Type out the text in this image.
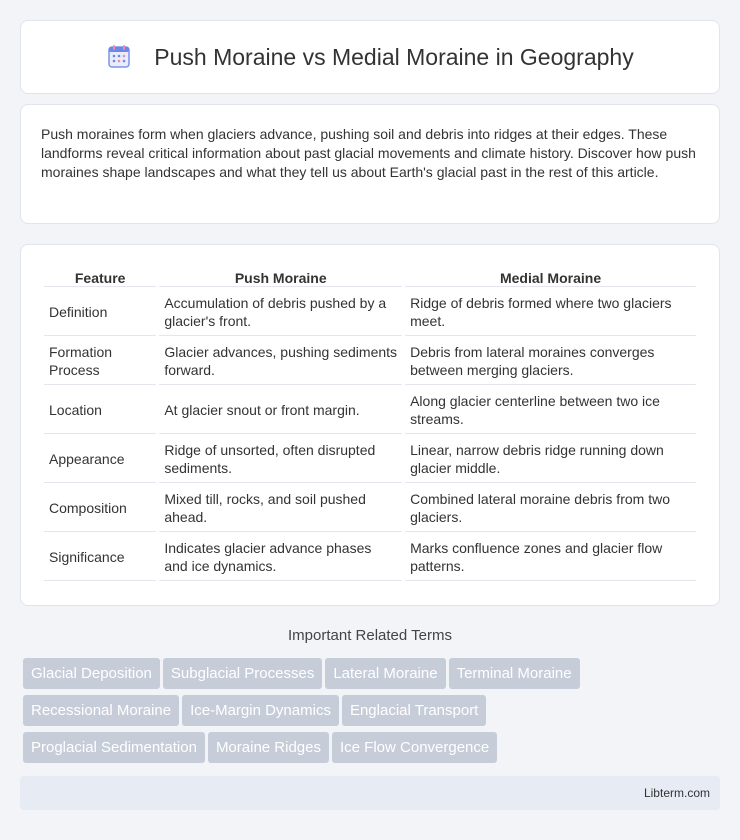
Push Moraine vs Medial Moraine in Geography

Push moraines form when glaciers advance, pushing soil and debris into ridges at their edges. These landforms reveal critical information about past glacial movements and climate history. Discover how push moraines shape landscapes and what they tell us about Earth's glacial past in the rest of this article.

Feature	Push Moraine	Medial Moraine
Definition	Accumulation of debris pushed by a glacier's front.	Ridge of debris formed where two glaciers meet.
Formation Process	Glacier advances, pushing sediments forward.	Debris from lateral moraines converges between merging glaciers.
Location	At glacier snout or front margin.	Along glacier centerline between two ice streams.
Appearance	Ridge of unsorted, often disrupted sediments.	Linear, narrow debris ridge running down glacier middle.
Composition	Mixed till, rocks, and soil pushed ahead.	Combined lateral moraine debris from two glaciers.
Significance	Indicates glacier advance phases and ice dynamics.	Marks confluence zones and glacier flow patterns.
Important Related Terms
Glacial Deposition Subglacial Processes Lateral Moraine Terminal Moraine
Recessional Moraine Ice-Margin Dynamics Englacial Transport
Proglacial Sedimentation Moraine Ridges Ice Flow Convergence
Libterm.com
